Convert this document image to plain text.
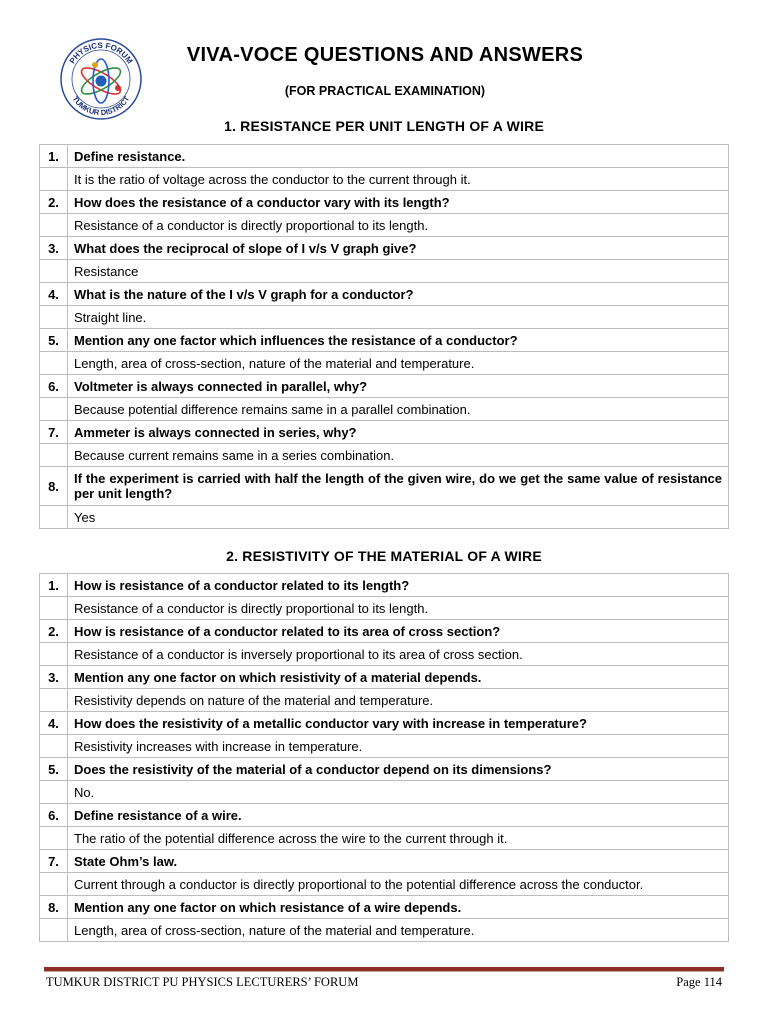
PHYSICS FORUM
TUMKUR DISTRICT
VIVA-VOCE QUESTIONS AND ANSWERS
(FOR PRACTICAL EXAMINATION)
1. RESISTANCE PER UNIT LENGTH OF A WIRE
1.	Define resistance.
	It is the ratio of voltage across the conductor to the current through it.
2.	How does the resistance of a conductor vary with its length?
	Resistance of a conductor is directly proportional to its length.
3.	What does the reciprocal of slope of I v/s V graph give?
	Resistance
4.	What is the nature of the I v/s V graph for a conductor?
	Straight line.
5.	Mention any one factor which influences the resistance of a conductor?
	Length, area of cross-section, nature of the material and temperature.
6.	Voltmeter is always connected in parallel, why?
	Because potential difference remains same in a parallel combination.
7.	Ammeter is always connected in series, why?
	Because current remains same in a series combination.
8.	If the experiment is carried with half the length of the given wire, do we get the same value of resistance per unit length?
	Yes
2. RESISTIVITY OF THE MATERIAL OF A WIRE
1.	How is resistance of a conductor related to its length?
	Resistance of a conductor is directly proportional to its length.
2.	How is resistance of a conductor related to its area of cross section?
	Resistance of a conductor is inversely proportional to its area of cross section.
3.	Mention any one factor on which resistivity of a material depends.
	Resistivity depends on nature of the material and temperature.
4.	How does the resistivity of a metallic conductor vary with increase in temperature?
	Resistivity increases with increase in temperature.
5.	Does the resistivity of the material of a conductor depend on its dimensions?
	No.
6.	Define resistance of a wire.
	The ratio of the potential difference across the wire to the current through it.
7.	State Ohm’s law.
	Current through a conductor is directly proportional to the potential difference across the conductor.
8.	Mention any one factor on which resistance of a wire depends.
	Length, area of cross-section, nature of the material and temperature.
TUMKUR DISTRICT PU PHYSICS LECTURERS’ FORUM	Page 114
